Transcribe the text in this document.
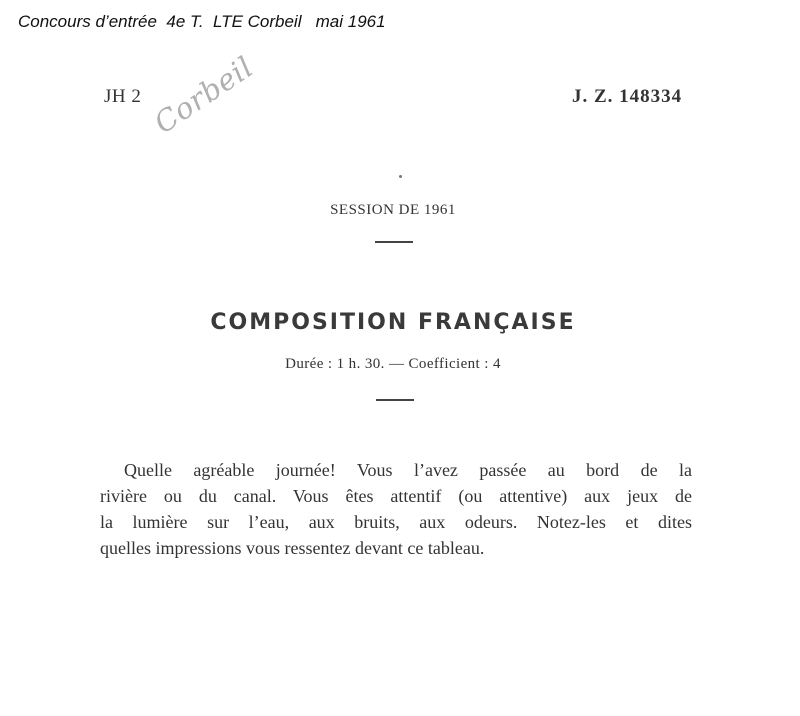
Concours d’entrée  4e T.  LTE Corbeil   mai 1961
JH 2	J. Z. 148334
Corbeil
SESSION DE 1961
COMPOSITION FRANÇAISE
Durée : 1 h. 30. — Coefficient : 4
Quelle agréable journée! Vous l’avez passée au bord de la
rivière ou du canal. Vous êtes attentif (ou attentive) aux jeux de
la lumière sur l’eau, aux bruits, aux odeurs. Notez-les et dites
quelles impressions vous ressentez devant ce tableau.
